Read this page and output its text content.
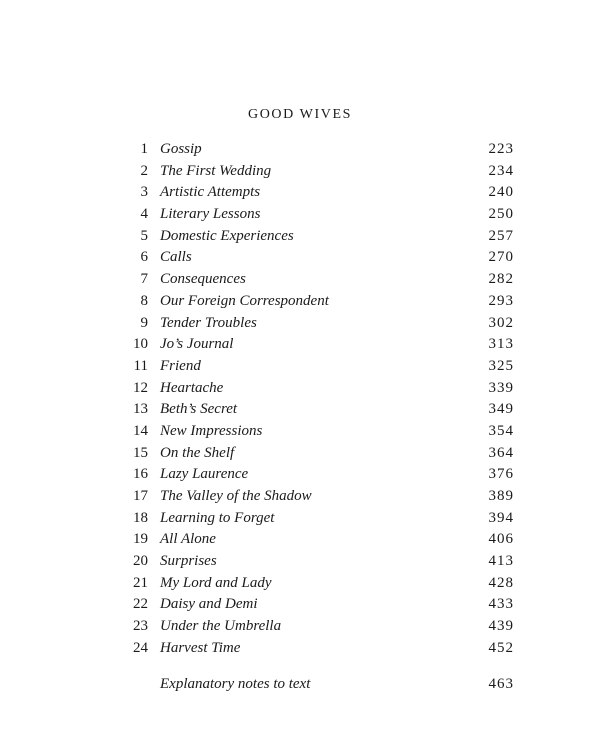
GOOD WIVES
1 Gossip	223
2 The First Wedding	234
3 Artistic Attempts	240
4 Literary Lessons	250
5 Domestic Experiences	257
6 Calls	270
7 Consequences	282
8 Our Foreign Correspondent	293
9 Tender Troubles	302
10 Jo’s Journal	313
11 Friend	325
12 Heartache	339
13 Beth’s Secret	349
14 New Impressions	354
15 On the Shelf	364
16 Lazy Laurence	376
17 The Valley of the Shadow	389
18 Learning to Forget	394
19 All Alone	406
20 Surprises	413
21 My Lord and Lady	428
22 Daisy and Demi	433
23 Under the Umbrella	439
24 Harvest Time	452
Explanatory notes to text	463
